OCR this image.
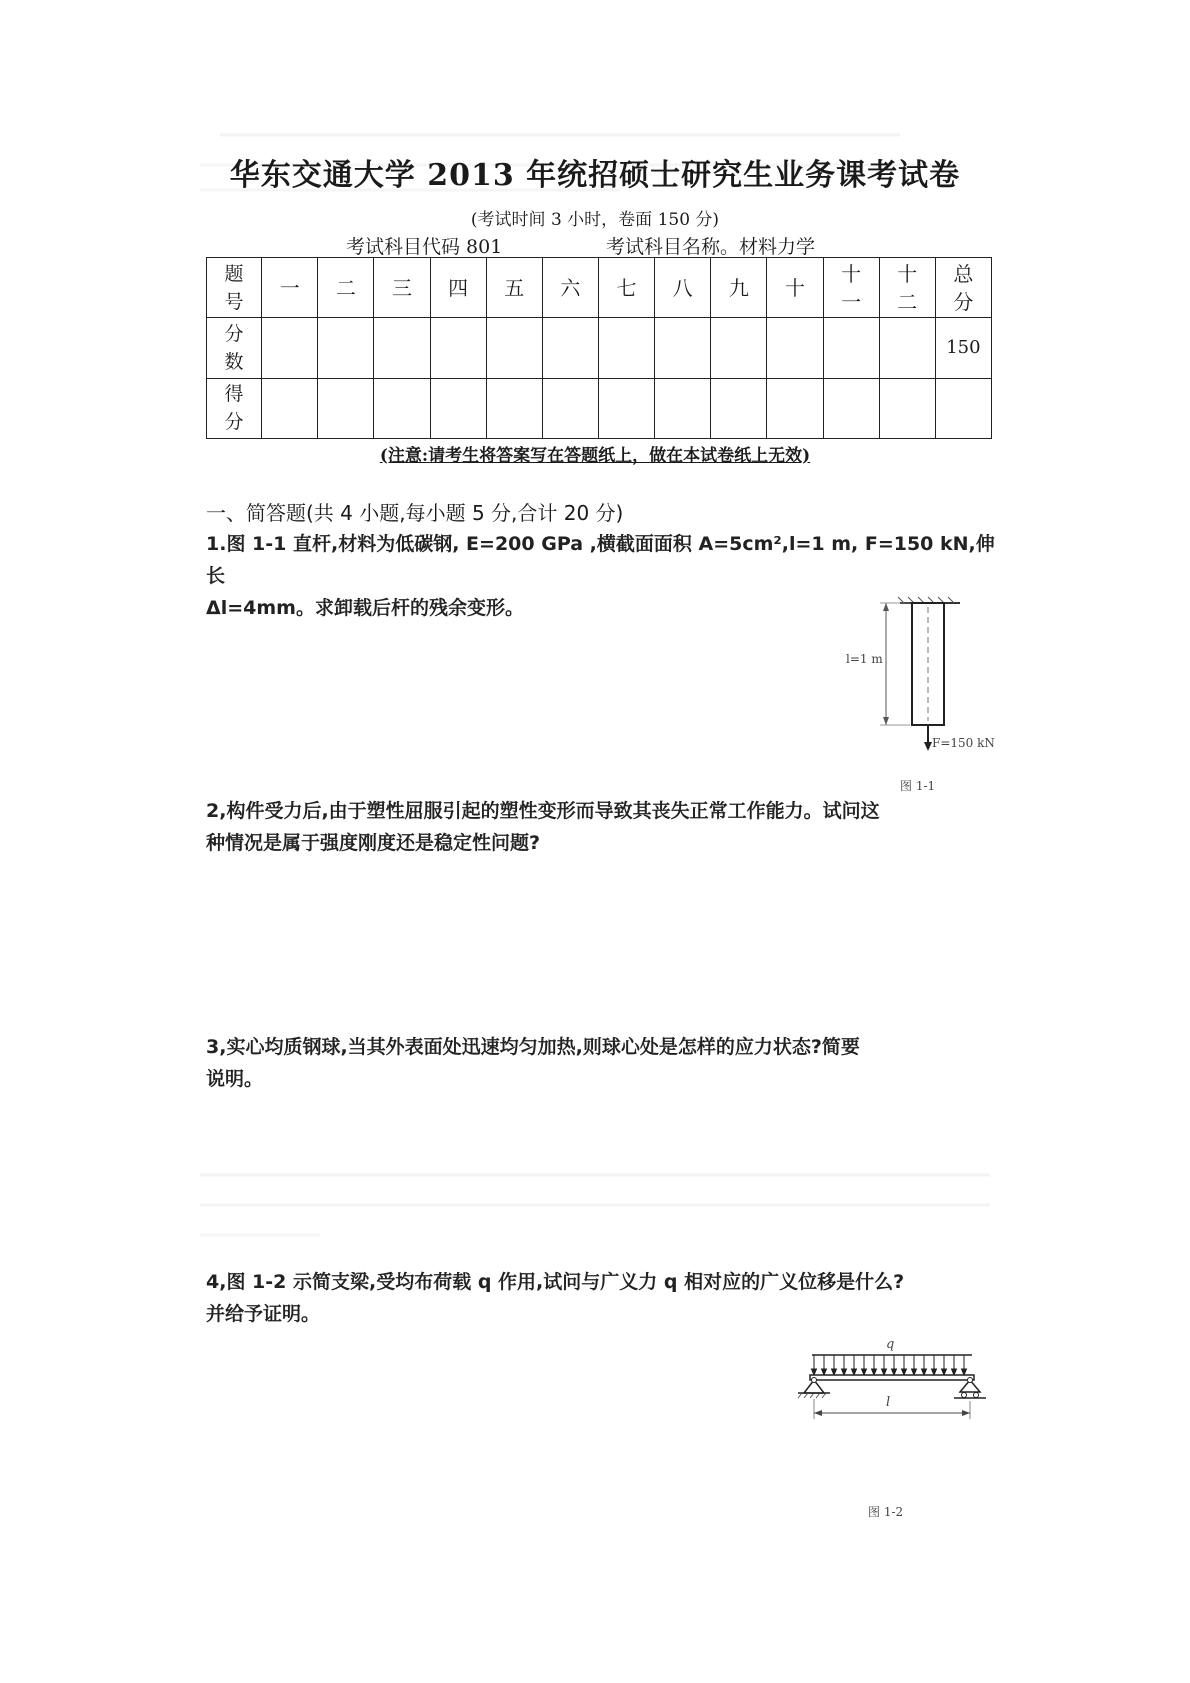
华东交通大学 2013 年统招硕士研究生业务课考试卷
(考试时间 3 小时，卷面 150 分)
考试科目代码 801	考试科目名称。材料力学
题号	一	二	三	四	五	六	七	八	九	十	十一	十二	总分
分数													150
得分													
(注意:请考生将答案写在答题纸上，做在本试卷纸上无效)
一、简答题(共 4 小题,每小题 5 分,合计 20 分)
1.图 1-1 直杆,材料为低碳钢, E=200 GPa ,横截面面积 A=5cm²,l=1 m, F=150 kN,伸长
Δl=4mm。求卸载后杆的残余变形。
l=1 m
F=150 kN
图 1-1
2,构件受力后,由于塑性屈服引起的塑性变形而导致其丧失正常工作能力。试问这
种情况是属于强度刚度还是稳定性问题?
3,实心均质钢球,当其外表面处迅速均匀加热,则球心处是怎样的应力状态?简要
说明。
4,图 1-2 示简支梁,受均布荷载 q 作用,试问与广义力 q 相对应的广义位移是什么?
并给予证明。
q
l
图 1-2
